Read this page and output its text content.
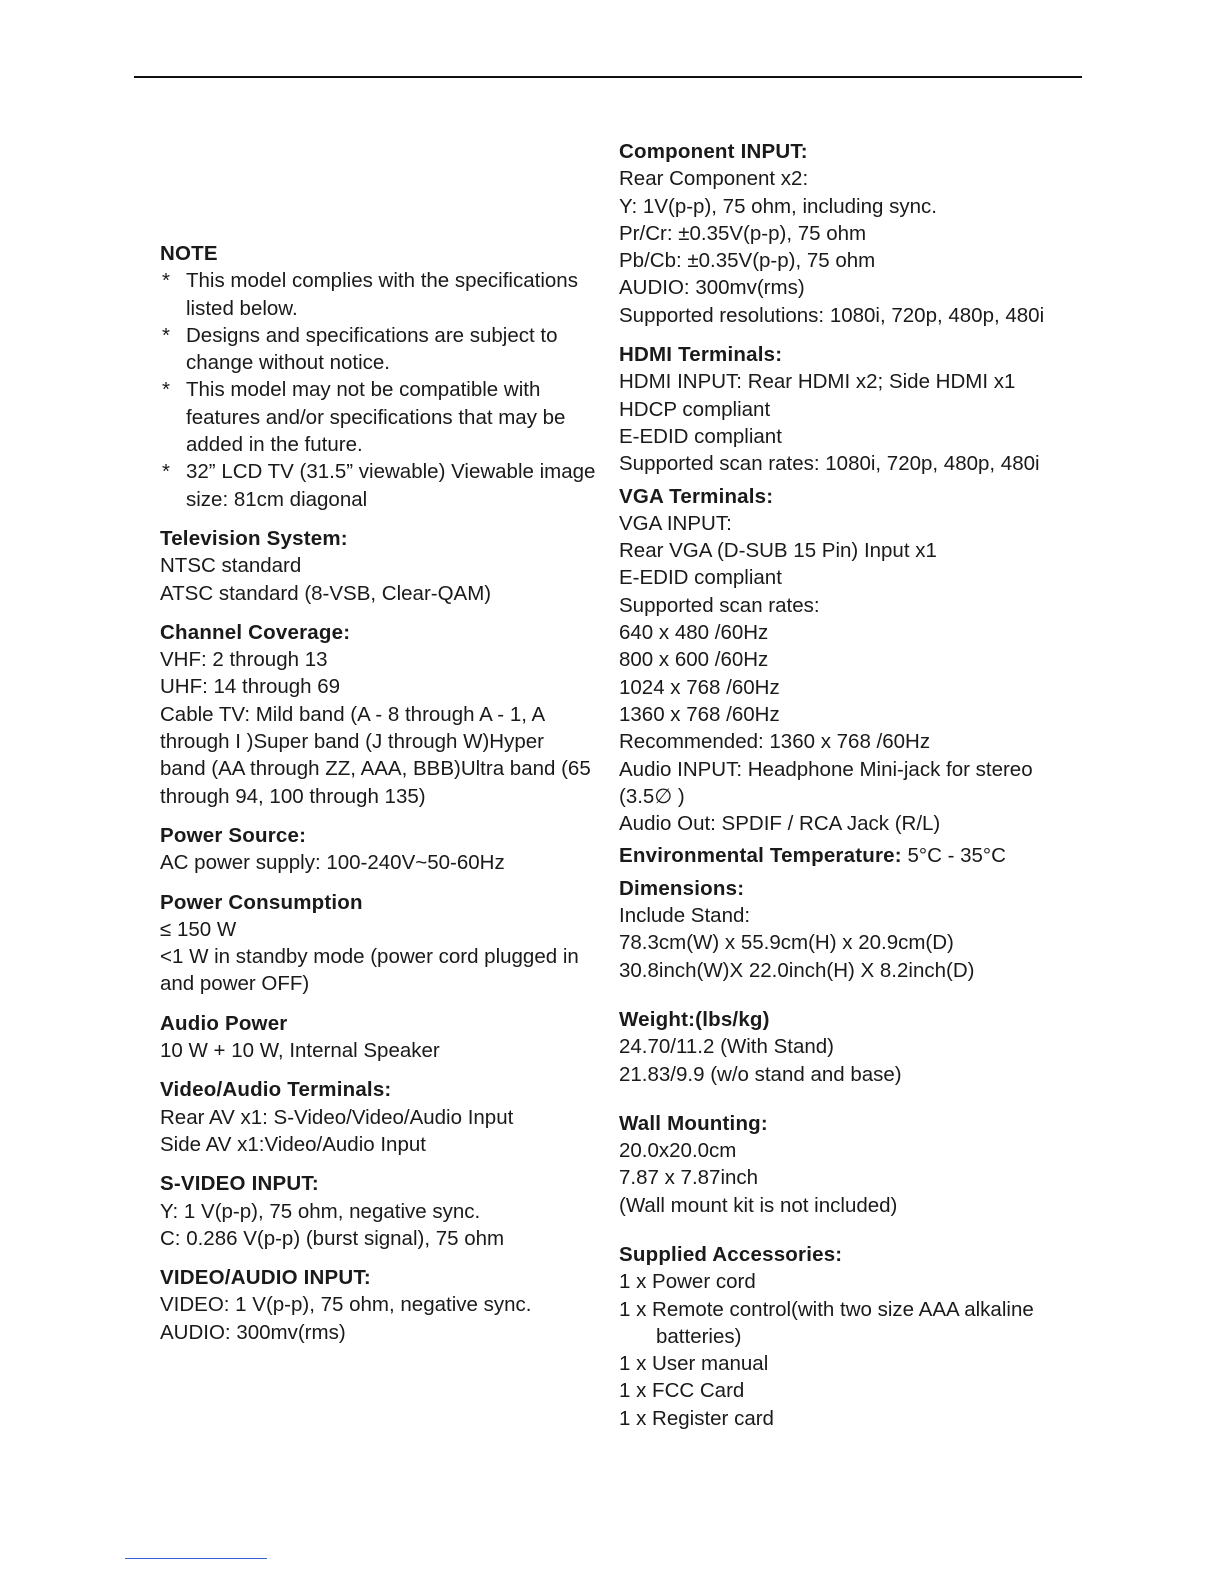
NOTE
* This model complies with the specifications listed below.
* Designs and specifications are subject to change without notice.
* This model may not be compatible with features and/or specifications that may be added in the future.
* 32” LCD TV (31.5” viewable) Viewable image size: 81cm diagonal
Television System:
NTSC standard
ATSC standard (8-VSB, Clear-QAM)
Channel Coverage:
VHF: 2 through 13
UHF: 14 through 69
Cable TV: Mild band (A - 8 through A - 1, A
through I )Super band (J through W)Hyper
band (AA through ZZ, AAA, BBB)Ultra band (65
through 94, 100 through 135)
Power Source:
AC power supply: 100-240V~50-60Hz
Power Consumption
≤ 150 W
<1 W in standby mode (power cord plugged in
and power OFF)
Audio Power
10 W + 10 W, Internal Speaker
Video/Audio Terminals:
Rear AV x1: S-Video/Video/Audio Input
Side AV x1:Video/Audio Input
S-VIDEO INPUT:
Y: 1 V(p-p), 75 ohm, negative sync.
C: 0.286 V(p-p) (burst signal), 75 ohm
VIDEO/AUDIO INPUT:
VIDEO: 1 V(p-p), 75 ohm, negative sync.
AUDIO: 300mv(rms)
Component INPUT:
Rear Component x2:
Y: 1V(p-p), 75 ohm, including sync.
Pr/Cr: ±0.35V(p-p), 75 ohm
Pb/Cb: ±0.35V(p-p), 75 ohm
AUDIO: 300mv(rms)
Supported resolutions: 1080i, 720p, 480p, 480i
HDMI Terminals:
HDMI INPUT: Rear HDMI x2; Side HDMI x1
HDCP compliant
E-EDID compliant
Supported scan rates: 1080i, 720p, 480p, 480i
VGA Terminals:
VGA INPUT:
Rear VGA (D-SUB 15 Pin) Input x1
E-EDID compliant
Supported scan rates:
640 x 480 /60Hz
800 x 600 /60Hz
1024 x 768 /60Hz
1360 x 768 /60Hz
Recommended: 1360 x 768 /60Hz
Audio INPUT: Headphone Mini-jack for stereo
(3.5∅ )
Audio Out: SPDIF / RCA Jack (R/L)
Environmental Temperature: 5°C - 35°C
Dimensions:
Include Stand:
78.3cm(W) x 55.9cm(H) x 20.9cm(D)
30.8inch(W)X 22.0inch(H) X 8.2inch(D)
Weight:(lbs/kg)
24.70/11.2 (With Stand)
21.83/9.9 (w/o stand and base)
Wall Mounting:
20.0x20.0cm
7.87 x 7.87inch
(Wall mount kit is not included)
Supplied Accessories:
1 x Power cord
1 x Remote control(with two size AAA alkaline
batteries)
1 x User manual
1 x FCC Card
1 x Register card
